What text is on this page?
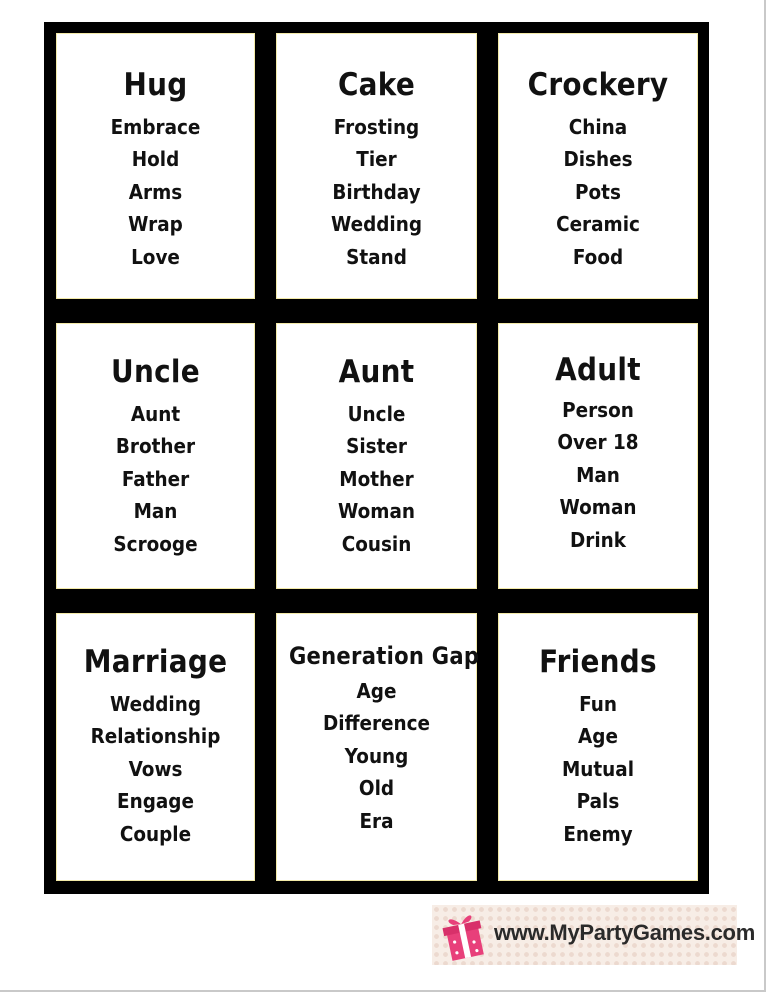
Hug
Embrace
Hold
Arms
Wrap
Love
Cake
Frosting
Tier
Birthday
Wedding
Stand
Crockery
China
Dishes
Pots
Ceramic
Food
Uncle
Aunt
Brother
Father
Man
Scrooge
Aunt
Uncle
Sister
Mother
Woman
Cousin
Adult
Person
Over 18
Man
Woman
Drink
Marriage
Wedding
Relationship
Vows
Engage
Couple
Generation Gap
Age
Difference
Young
Old
Era
Friends
Fun
Age
Mutual
Pals
Enemy
www.MyPartyGames.com
